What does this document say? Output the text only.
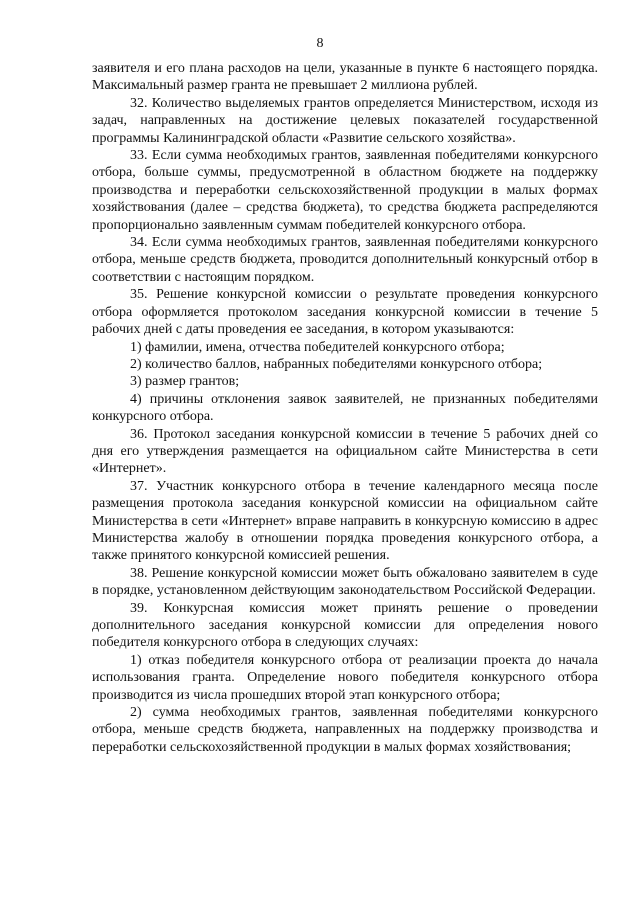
8

заявителя и его плана расходов на цели, указанные в пункте 6 настоящего порядка. Максимальный размер гранта не превышает 2 миллиона рублей.

32. Количество выделяемых грантов определяется Министерством, исходя из задач, направленных на достижение целевых показателей государственной программы Калининградской области «Развитие сельского хозяйства».

33. Если сумма необходимых грантов, заявленная победителями конкурсного отбора, больше суммы, предусмотренной в областном бюджете на поддержку производства и переработки сельскохозяйственной продукции в малых формах хозяйствования (далее – средства бюджета), то средства бюджета распределяются пропорционально заявленным суммам победителей конкурсного отбора.

34. Если сумма необходимых грантов, заявленная победителями конкурсного отбора, меньше средств бюджета, проводится дополнительный конкурсный отбор в соответствии с настоящим порядком.

35. Решение конкурсной комиссии о результате проведения конкурсного отбора оформляется протоколом заседания конкурсной комиссии в течение 5 рабочих дней с даты проведения ее заседания, в котором указываются:

1) фамилии, имена, отчества победителей конкурсного отбора;

2) количество баллов, набранных победителями конкурсного отбора;

3) размер грантов;

4) причины отклонения заявок заявителей, не признанных победителями конкурсного отбора.

36. Протокол заседания конкурсной комиссии в течение 5 рабочих дней со дня его утверждения размещается на официальном сайте Министерства в сети «Интернет».

37. Участник конкурсного отбора в течение календарного месяца после размещения протокола заседания конкурсной комиссии на официальном сайте Министерства в сети «Интернет» вправе направить в конкурсную комиссию в адрес Министерства жалобу в отношении порядка проведения конкурсного отбора, а также принятого конкурсной комиссией решения.

38. Решение конкурсной комиссии может быть обжаловано заявителем в суде в порядке, установленном действующим законодательством Российской Федерации.

39. Конкурсная комиссия может принять решение о проведении дополнительного заседания конкурсной комиссии для определения нового победителя конкурсного отбора в следующих случаях:

1) отказ победителя конкурсного отбора от реализации проекта до начала использования гранта. Определение нового победителя конкурсного отбора производится из числа прошедших второй этап конкурсного отбора;

2) сумма необходимых грантов, заявленная победителями конкурсного отбора, меньше средств бюджета, направленных на поддержку производства и переработки сельскохозяйственной продукции в малых формах хозяйствования;
